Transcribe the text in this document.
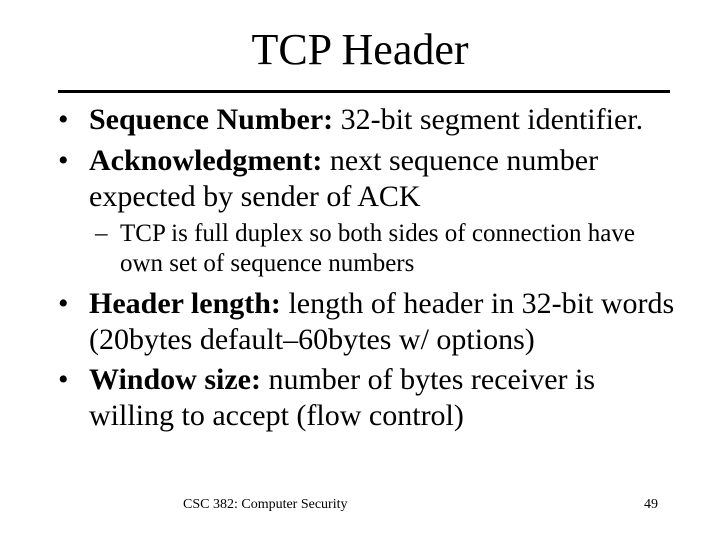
TCP Header
• Sequence Number: 32-bit segment identifier.
• Acknowledgment: next sequence number expected by sender of ACK
– TCP is full duplex so both sides of connection have own set of sequence numbers
• Header length: length of header in 32-bit words (20bytes default–60bytes w/ options)
• Window size: number of bytes receiver is willing to accept (flow control)
CSC 382: Computer Security	49
